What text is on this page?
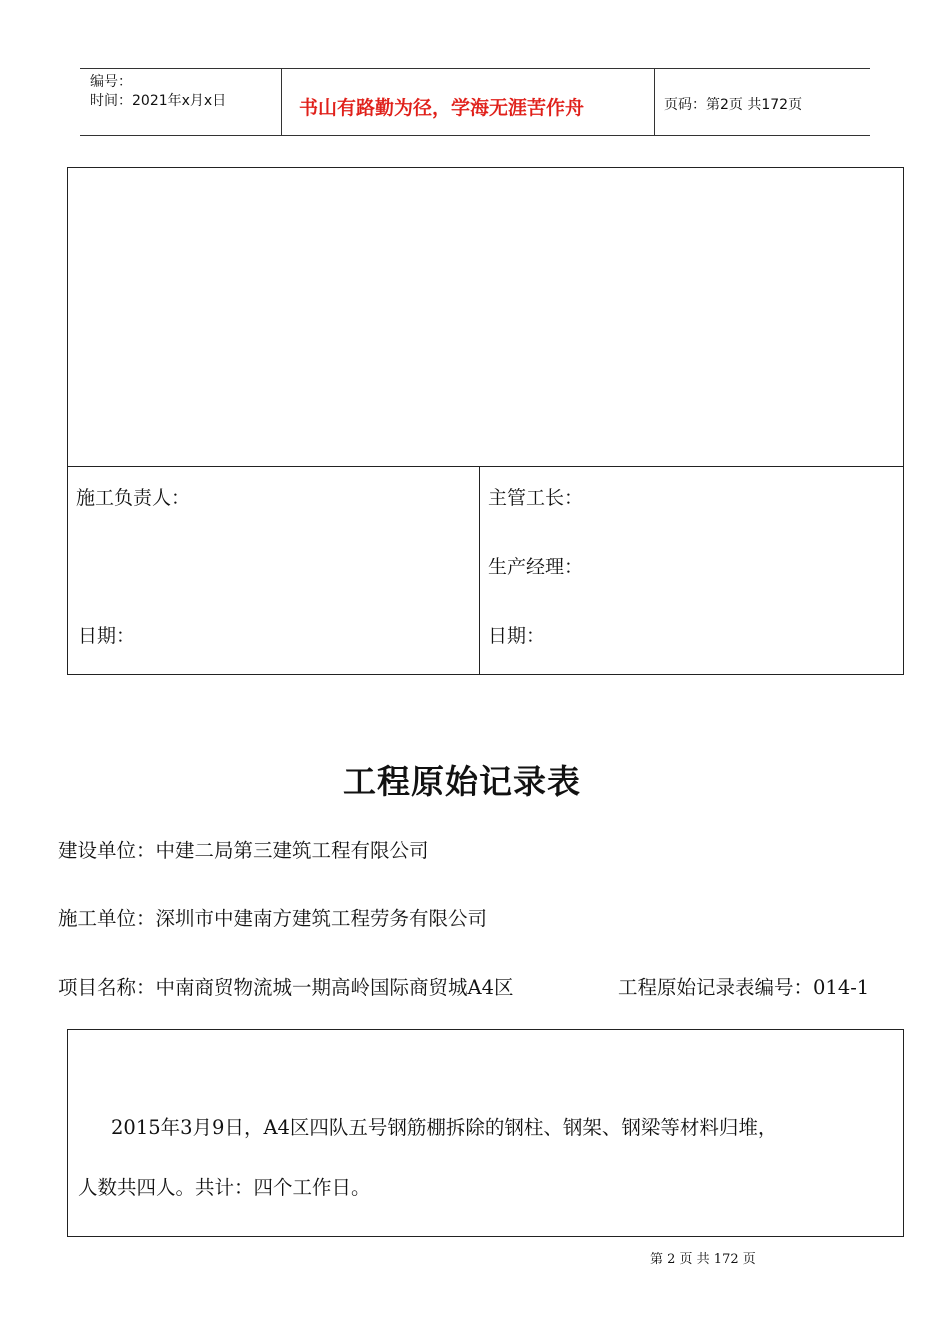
编号：
时间：2021年x月x日	书山有路勤为径，学海无涯苦作舟	页码：第2页 共172页
施工负责人：
日期：
主管工长：
生产经理：
日期：
工程原始记录表
建设单位：中建二局第三建筑工程有限公司
施工单位：深圳市中建南方建筑工程劳务有限公司
项目名称：中南商贸物流城一期高岭国际商贸城A4区	工程原始记录表编号：014-1
2015年3月9日，A4区四队五号钢筋棚拆除的钢柱、钢架、钢梁等材料归堆，
人数共四人。共计：四个工作日。
第 2 页 共 172 页
